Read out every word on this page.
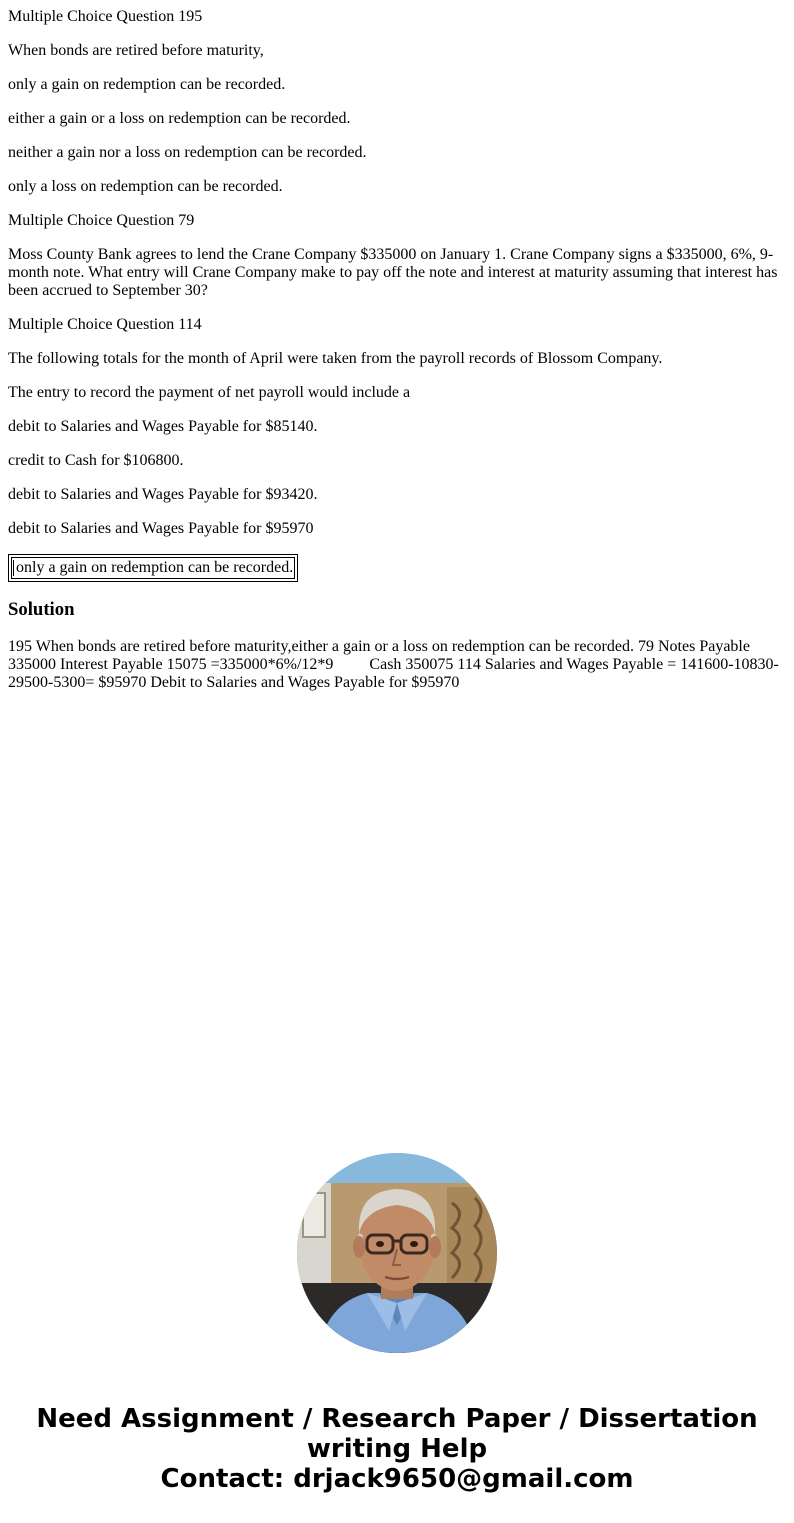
Multiple Choice Question 195

When bonds are retired before maturity,

only a gain on redemption can be recorded.

either a gain or a loss on redemption can be recorded.

neither a gain nor a loss on redemption can be recorded.

only a loss on redemption can be recorded.

Multiple Choice Question 79

Moss County Bank agrees to lend the Crane Company $335000 on January 1. Crane Company signs a $335000, 6%, 9-month note. What entry will Crane Company make to pay off the note and interest at maturity assuming that interest has been accrued to September 30?

Multiple Choice Question 114

The following totals for the month of April were taken from the payroll records of Blossom Company.

The entry to record the payment of net payroll would include a

debit to Salaries and Wages Payable for $85140.

credit to Cash for $106800.

debit to Salaries and Wages Payable for $93420.

debit to Salaries and Wages Payable for $95970

only a gain on redemption can be recorded.
Solution

195 When bonds are retired before maturity,either a gain or a loss on redemption can be recorded. 79 Notes Payable 335000 Interest Payable 15075 =335000*6%/12*9         Cash 350075 114 Salaries and Wages Payable = 141600-10830-29500-5300= $95970 Debit to Salaries and Wages Payable for $95970

Need Assignment / Research Paper / Dissertation
writing Help
Contact: drjack9650@gmail.com
